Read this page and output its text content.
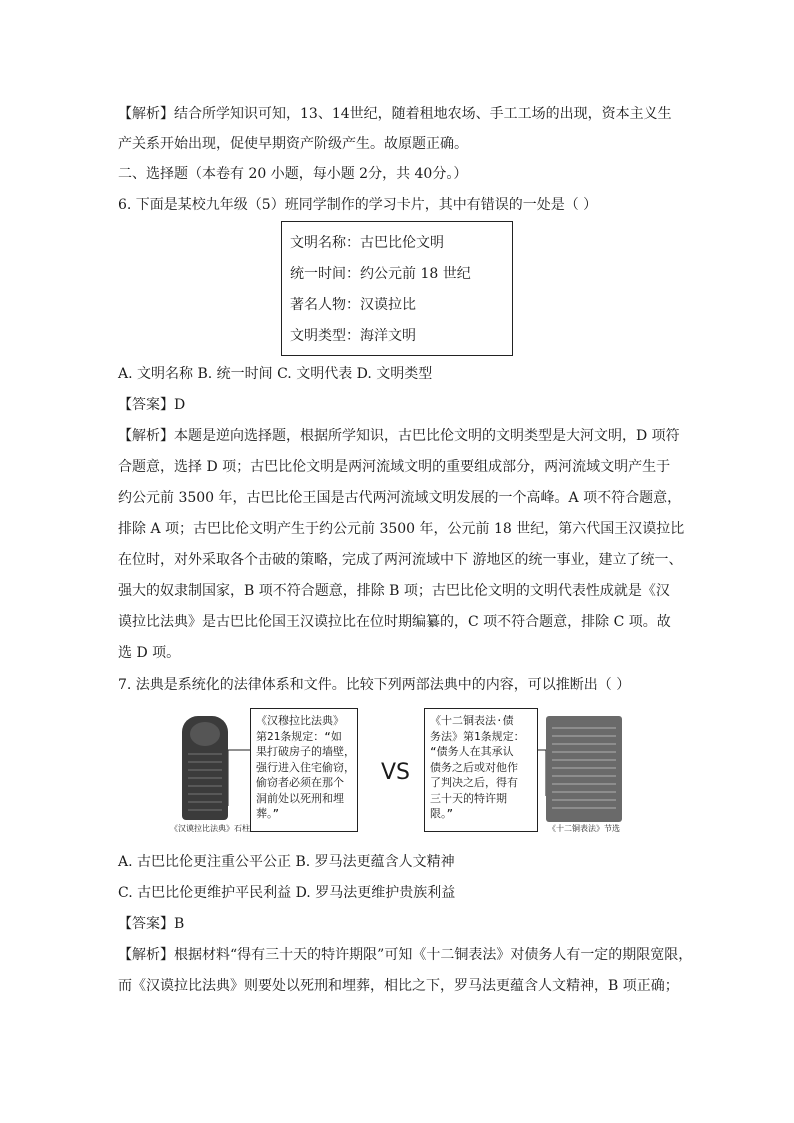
【解析】结合所学知识可知，13、14世纪，随着租地农场、手工工场的出现，资本主义生
产关系开始出现，促使早期资产阶级产生。故原题正确。
二、选择题（本卷有 20 小题，每小题 2分，共 40分。）
6. 下面是某校九年级（5）班同学制作的学习卡片，其中有错误的一处是（ ）
文明名称：古巴比伦文明
统一时间：约公元前 18 世纪
著名人物：汉谟拉比
文明类型：海洋文明
A. 文明名称 B. 统一时间 C. 文明代表 D. 文明类型
【答案】D
【解析】本题是逆向选择题，根据所学知识，古巴比伦文明的文明类型是大河文明，D 项符
合题意，选择 D 项；古巴比伦文明是两河流域文明的重要组成部分，两河流域文明产生于
约公元前 3500 年，古巴比伦王国是古代两河流域文明发展的一个高峰。A 项不符合题意，
排除 A 项；古巴比伦文明产生于约公元前 3500 年，公元前 18 世纪，第六代国王汉谟拉比
在位时，对外采取各个击破的策略，完成了两河流域中下 游地区的统一事业，建立了统一、
强大的奴隶制国家，B 项不符合题意，排除 B 项；古巴比伦文明的文明代表性成就是《汉
谟拉比法典》是古巴比伦国王汉谟拉比在位时期编纂的，C 项不符合题意，排除 C 项。故
选 D 项。
7. 法典是系统化的法律体系和文件。比较下列两部法典中的内容，可以推断出（ ）
《汉谟拉比法典》石柱
《汉穆拉比法典》
第21条规定：“如
果打破房子的墙壁，
强行进入住宅偷窃，
偷窃者必须在那个
洞前处以死刑和埋
葬。”
VS
《十二铜表法·债
务法》第1条规定：
“债务人在其承认
债务之后或对他作
了判决之后，得有
三十天的特许期
限。”
《十二铜表法》节选
A. 古巴比伦更注重公平公正 B. 罗马法更蕴含人文精神
C. 古巴比伦更维护平民利益 D. 罗马法更维护贵族利益
【答案】B
【解析】根据材料“得有三十天的特许期限”可知《十二铜表法》对债务人有一定的期限宽限，
而《汉谟拉比法典》则要处以死刑和埋葬，相比之下，罗马法更蕴含人文精神，B 项正确；
